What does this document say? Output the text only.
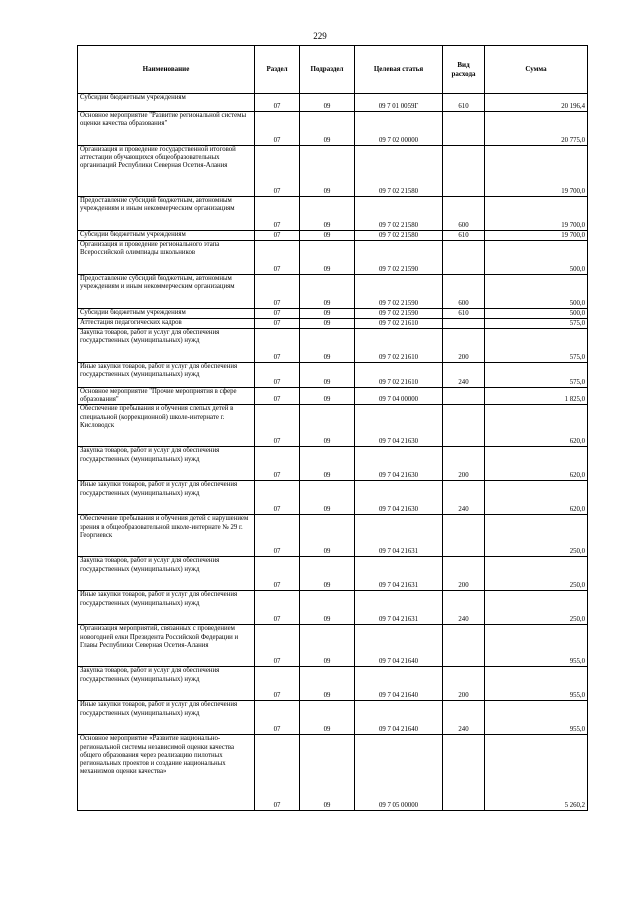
229
Наименование	Раздел	Подраздел	Целевая статья	Вид расхода	Сумма
Субсидии бюджетным учреждениям	07	09	09 7 01 0059Г	610	20 196,4
Основное мероприятие "Развитие региональной системы оценки качества образования"	07	09	09 7 02 00000		20 775,0
Организация и проведение государственной итоговой аттестации обучающихся общеобразовательных организаций Республики Северная Осетия-Алания	07	09	09 7 02 21580		19 700,0
Предоставление субсидий бюджетным, автономным учреждениям и иным некоммерческим организациям	07	09	09 7 02 21580	600	19 700,0
Субсидии бюджетным учреждениям	07	09	09 7 02 21580	610	19 700,0
Организация и проведение регионального этапа Всероссийской олимпиады школьников	07	09	09 7 02 21590		500,0
Предоставление субсидий бюджетным, автономным учреждениям и иным некоммерческим организациям	07	09	09 7 02 21590	600	500,0
Субсидии бюджетным учреждениям	07	09	09 7 02 21590	610	500,0
Аттестация педагогических кадров	07	09	09 7 02 21610		575,0
Закупка товаров, работ и услуг для обеспечения государственных (муниципальных) нужд	07	09	09 7 02 21610	200	575,0
Иные закупки товаров, работ и услуг для обеспечения государственных (муниципальных) нужд	07	09	09 7 02 21610	240	575,0
Основное мероприятие "Прочие мероприятия в сфере образования"	07	09	09 7 04 00000		1 825,0
Обеспечение пребывания и обучения слепых детей в специальной (коррекционной) школе-интернате г. Кисловодск	07	09	09 7 04 21630		620,0
Закупка товаров, работ и услуг для обеспечения государственных (муниципальных) нужд	07	09	09 7 04 21630	200	620,0
Иные закупки товаров, работ и услуг для обеспечения государственных (муниципальных) нужд	07	09	09 7 04 21630	240	620,0
Обеспечение пребывания и обучения детей с нарушением зрения в общеобразовательной школе-интернате № 29 г. Георгиевск	07	09	09 7 04 21631		250,0
Закупка товаров, работ и услуг для обеспечения государственных (муниципальных) нужд	07	09	09 7 04 21631	200	250,0
Иные закупки товаров, работ и услуг для обеспечения государственных (муниципальных) нужд	07	09	09 7 04 21631	240	250,0
Организация мероприятий, связанных с проведением новогодней елки Президента Российской Федерации и Главы Республики Северная Осетия-Алания	07	09	09 7 04 21640		955,0
Закупка товаров, работ и услуг для обеспечения государственных (муниципальных) нужд	07	09	09 7 04 21640	200	955,0
Иные закупки товаров, работ и услуг для обеспечения государственных (муниципальных) нужд	07	09	09 7 04 21640	240	955,0
Основное мероприятие «Развитие национально-региональной системы независимой оценки качества общего образования через реализацию пилотных региональных проектов и создание национальных механизмов оценки качества»	07	09	09 7 05 00000		5 260,2
